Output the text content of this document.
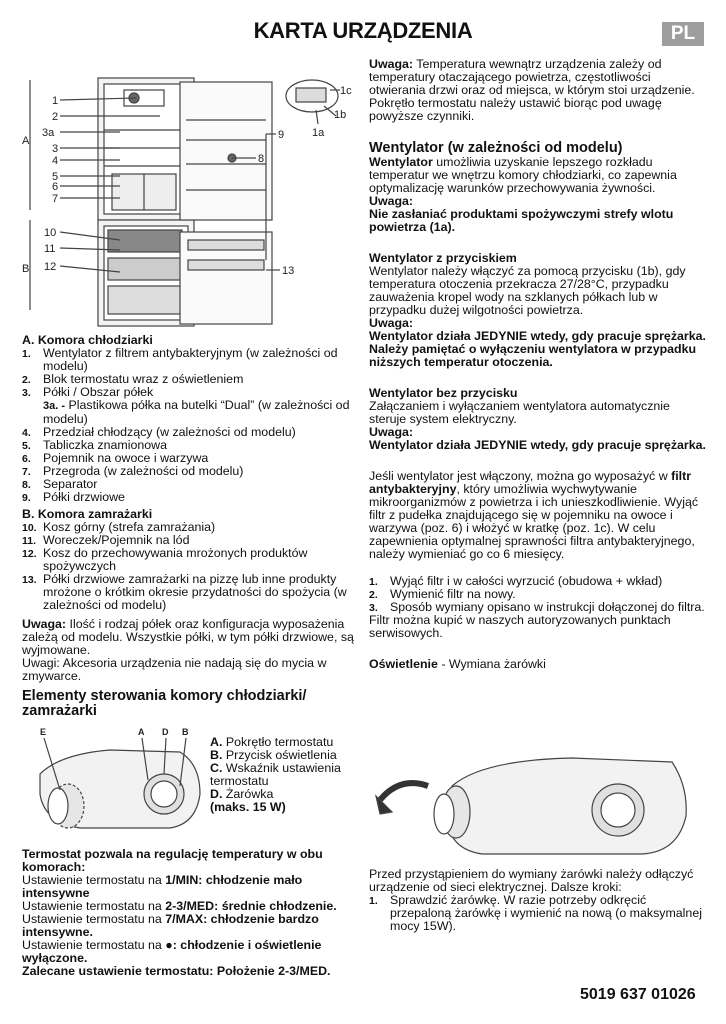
KARTA URZĄDZENIA	PL
1
2
3a
3
4
5
6
7
10
11
12
1c
1b
1a
9
8
13
A
B
A. Komora chłodziarki
1. Wentylator z filtrem antybakteryjnym (w zależności od modelu)
2. Blok termostatu wraz z oświetleniem
3. Półki / Obszar półek
3a. - Plastikowa półka na butelki “Dual” (w zależności od modelu)
4. Przedział chłodzący (w zależności od modelu)
5. Tabliczka znamionowa
6. Pojemnik na owoce i warzywa
7. Przegroda (w zależności od modelu)
8. Separator
9. Półki drzwiowe
B. Komora zamrażarki
10. Kosz górny (strefa zamrażania)
11. Woreczek/Pojemnik na lód
12. Kosz do przechowywania mrożonych produktów spożywczych
13. Półki drzwiowe zamrażarki na pizzę lub inne produkty mrożone o krótkim okresie przydatności do spożycia (w zależności od modelu)

Uwaga: Ilość i rodzaj półek oraz konfiguracja wyposażenia zależą od modelu. Wszystkie półki, w tym półki drzwiowe, są wyjmowane.

Uwagi: Akcesoria urządzenia nie nadają się do mycia w zmywarce.

Elementy sterowania komory chłodziarki/ zamrażarki
E	A D B

A. Pokrętło termostatu

B. Przycisk oświetlenia

C. Wskaźnik ustawienia termostatu

D. Żarówka

(maks. 15 W)

Termostat pozwala na regulację temperatury w obu komorach:

Ustawienie termostatu na 1/MIN: chłodzenie mało intensywne

Ustawienie termostatu na 2-3/MED: średnie chłodzenie.

Ustawienie termostatu na 7/MAX: chłodzenie bardzo intensywne.

Ustawienie termostatu na ●: chłodzenie i oświetlenie wyłączone.

Zalecane ustawienie termostatu: Położenie 2-3/MED.

Uwaga: Temperatura wewnątrz urządzenia zależy od temperatury otaczającego powietrza, częstotliwości otwierania drzwi oraz od miejsca, w którym stoi urządzenie. Pokrętło termostatu należy ustawić biorąc pod uwagę powyższe czynniki.

Wentylator (w zależności od modelu)

Wentylator umożliwia uzyskanie lepszego rozkładu temperatur we wnętrzu komory chłodziarki, co zapewnia optymalizację warunków przechowywania żywności.

Uwaga:

Nie zasłaniać produktami spożywczymi strefy wlotu powietrza (1a).

Wentylator z przyciskiem

Wentylator należy włączyć za pomocą przycisku (1b), gdy temperatura otoczenia przekracza 27/28°C, przypadku zauważenia kropel wody na szklanych półkach lub w przypadku dużej wilgotności powietrza.

Uwaga:

Wentylator działa JEDYNIE wtedy, gdy pracuje sprężarka.

Należy pamiętać o wyłączeniu wentylatora w przypadku niższych temperatur otoczenia.

Wentylator bez przycisku

Załączaniem i wyłączaniem wentylatora automatycznie steruje system elektryczny.

Uwaga:

Wentylator działa JEDYNIE wtedy, gdy pracuje sprężarka.

Jeśli wentylator jest włączony, można go wyposażyć w filtr antybakteryjny, który umożliwia wychwytywanie mikroorganizmów z powietrza i ich unieszkodliwienie. Wyjąć filtr z pudełka znajdującego się w pojemniku na owoce i warzywa (poz. 6) i włożyć w kratkę (poz. 1c). W celu zapewnienia optymalnej sprawności filtra antybakteryjnego, należy wymieniać go co 6 miesięcy.

1. Wyjąć filtr i w całości wyrzucić (obudowa + wkład)
2. Wymienić filtr na nowy.
3. Sposób wymiany opisano w instrukcji dołączonej do filtra.

Filtr można kupić w naszych autoryzowanych punktach serwisowych.

Oświetlenie - Wymiana żarówki

Przed przystąpieniem do wymiany żarówki należy odłączyć urządzenie od sieci elektrycznej. Dalsze kroki:

1. Sprawdzić żarówkę. W razie potrzeby odkręcić przepaloną żarówkę i wymienić na nową (o maksymalnej mocy 15W).
5019 637 01026
